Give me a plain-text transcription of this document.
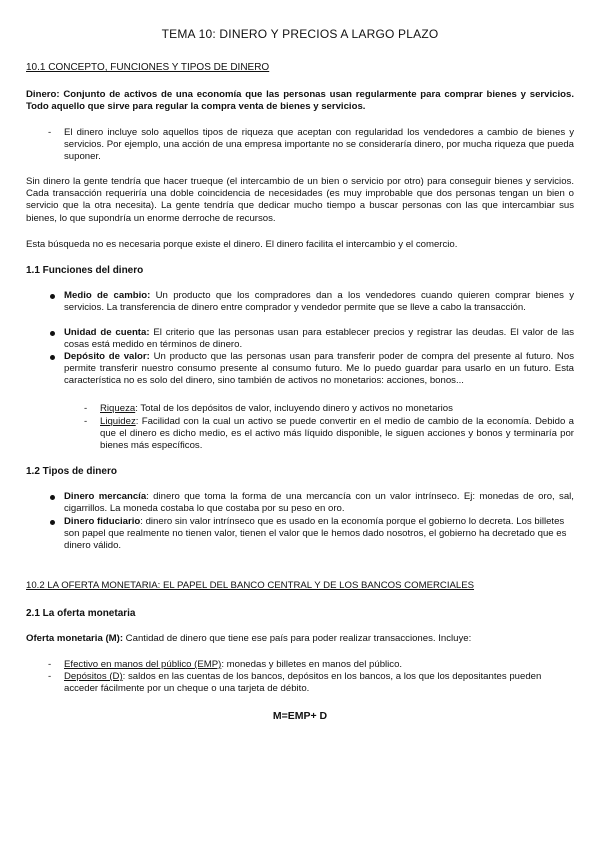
TEMA 10: DINERO Y PRECIOS A LARGO PLAZO
10.1 CONCEPTO, FUNCIONES Y TIPOS DE DINERO
Dinero: Conjunto de activos de una economía que las personas usan regularmente para comprar bienes y servicios. Todo aquello que sirve para regular la compra venta de bienes y servicios.
- El dinero incluye solo aquellos tipos de riqueza que aceptan con regularidad los vendedores a cambio de bienes y servicios. Por ejemplo, una acción de una empresa importante no se consideraría dinero, por mucha riqueza que pueda suponer.
Sin dinero la gente tendría que hacer trueque (el intercambio de un bien o servicio por otro) para conseguir bienes y servicios. Cada transacción requeriría una doble coincidencia de necesidades (es muy improbable que dos personas tengan un bien o servicio que la otra necesita). La gente tendría que dedicar mucho tiempo a buscar personas con las que intercambiar sus bienes, lo que supondría un enorme derroche de recursos.
Esta búsqueda no es necesaria porque existe el dinero. El dinero facilita el intercambio y el comercio.
1.1 Funciones del dinero
Medio de cambio: Un producto que los compradores dan a los vendedores cuando quieren comprar bienes y servicios. La transferencia de dinero entre comprador y vendedor permite que se lleve a cabo la transacción.
Unidad de cuenta: El criterio que las personas usan para establecer precios y registrar las deudas. El valor de las cosas está medido en términos de dinero.
Depósito de valor: Un producto que las personas usan para transferir poder de compra del presente al futuro. Nos permite transferir nuestro consumo presente al consumo futuro. Me lo puedo guardar para usarlo en un futuro. Esta característica no es solo del dinero, sino también de activos no monetarios: acciones, bonos...
- Riqueza: Total de los depósitos de valor, incluyendo dinero y activos no monetarios
- Liquidez: Facilidad con la cual un activo se puede convertir en el medio de cambio de la economía. Debido a que el dinero es dicho medio, es el activo más líquido disponible, le siguen acciones y bonos y terminaría por bienes más específicos.
1.2 Tipos de dinero
Dinero mercancía: dinero que toma la forma de una mercancía con un valor intrínseco. Ej: monedas de oro, sal, cigarrillos. La moneda costaba lo que costaba por su peso en oro.
Dinero fiduciario: dinero sin valor intrínseco que es usado en la economía porque el gobierno lo decreta. Los billetes son papel que realmente no tienen valor, tienen el valor que le hemos dado nosotros, el gobierno ha decretado que es dinero válido.
10.2 LA OFERTA MONETARIA: EL PAPEL DEL BANCO CENTRAL Y DE LOS BANCOS COMERCIALES
2.1 La oferta monetaria
Oferta monetaria (M): Cantidad de dinero que tiene ese país para poder realizar transacciones. Incluye:
- Efectivo en manos del público (EMP): monedas y billetes en manos del público.
- Depósitos (D): saldos en las cuentas de los bancos, depósitos en los bancos, a los que los depositantes pueden acceder fácilmente por un cheque o una tarjeta de débito.
M=EMP+ D
